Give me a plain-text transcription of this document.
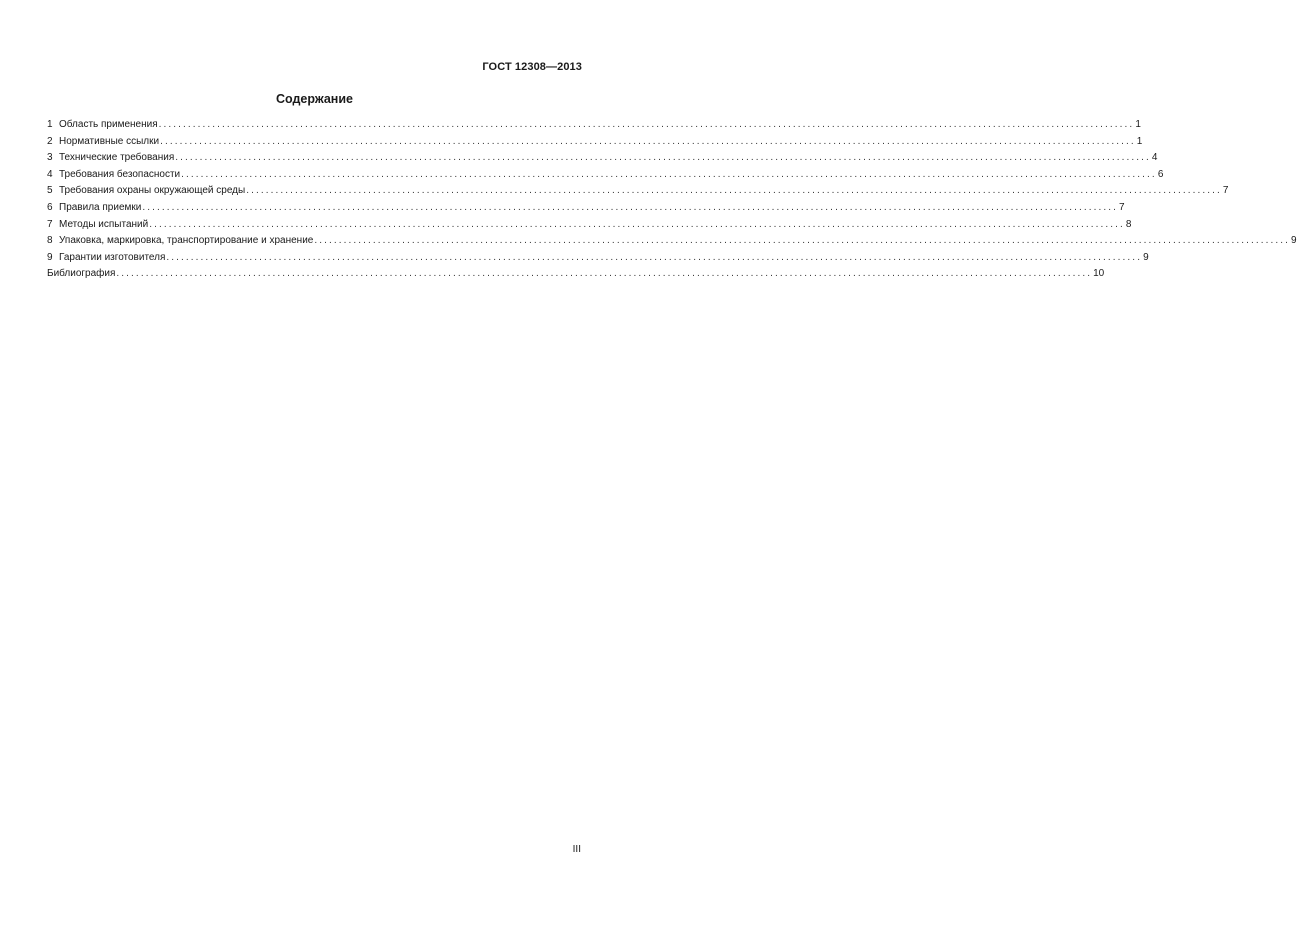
ГОСТ 12308—2013
Содержание
1 Область применения ........................................................................................................................................................................................................ 1
2 Нормативные ссылки ........................................................................................................................................................................................................ 1
3 Технические требования ........................................................................................................................................................................................................ 4
4 Требования безопасности ........................................................................................................................................................................................................ 6
5 Требования охраны окружающей среды ........................................................................................................................................................................................................ 7
6 Правила приемки ........................................................................................................................................................................................................ 7
7 Методы испытаний ........................................................................................................................................................................................................ 8
8 Упаковка, маркировка, транспортирование и хранение ........................................................................................................................................................................................................ 9
9 Гарантии изготовителя ........................................................................................................................................................................................................ 9
Библиография ........................................................................................................................................................................................................ 10
III
